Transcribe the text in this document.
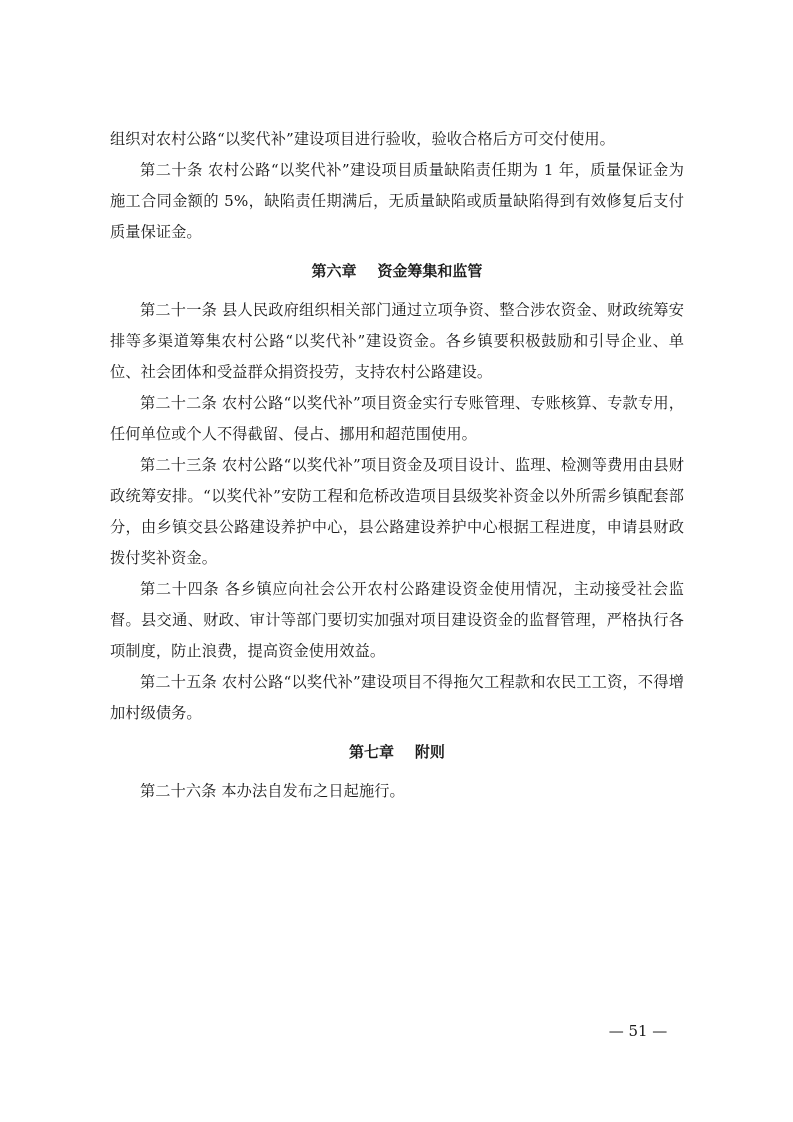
组织对农村公路“以奖代补”建设项目进行验收，验收合格后方可交付使用。

第二十条 农村公路“以奖代补”建设项目质量缺陷责任期为 1 年，质量保证金为施工合同金额的 5%，缺陷责任期满后，无质量缺陷或质量缺陷得到有效修复后支付质量保证金。

第六章    资金筹集和监管

第二十一条 县人民政府组织相关部门通过立项争资、整合涉农资金、财政统筹安排等多渠道筹集农村公路“以奖代补”建设资金。各乡镇要积极鼓励和引导企业、单位、社会团体和受益群众捐资投劳，支持农村公路建设。

第二十二条 农村公路“以奖代补”项目资金实行专账管理、专账核算、专款专用，任何单位或个人不得截留、侵占、挪用和超范围使用。

第二十三条 农村公路“以奖代补”项目资金及项目设计、监理、检测等费用由县财政统筹安排。“以奖代补”安防工程和危桥改造项目县级奖补资金以外所需乡镇配套部分，由乡镇交县公路建设养护中心，县公路建设养护中心根据工程进度，申请县财政拨付奖补资金。

第二十四条 各乡镇应向社会公开农村公路建设资金使用情况，主动接受社会监督。县交通、财政、审计等部门要切实加强对项目建设资金的监督管理，严格执行各项制度，防止浪费，提高资金使用效益。

第二十五条 农村公路“以奖代补”建设项目不得拖欠工程款和农民工工资，不得增加村级债务。

第七章    附则

第二十六条 本办法自发布之日起施行。

— 51 —
